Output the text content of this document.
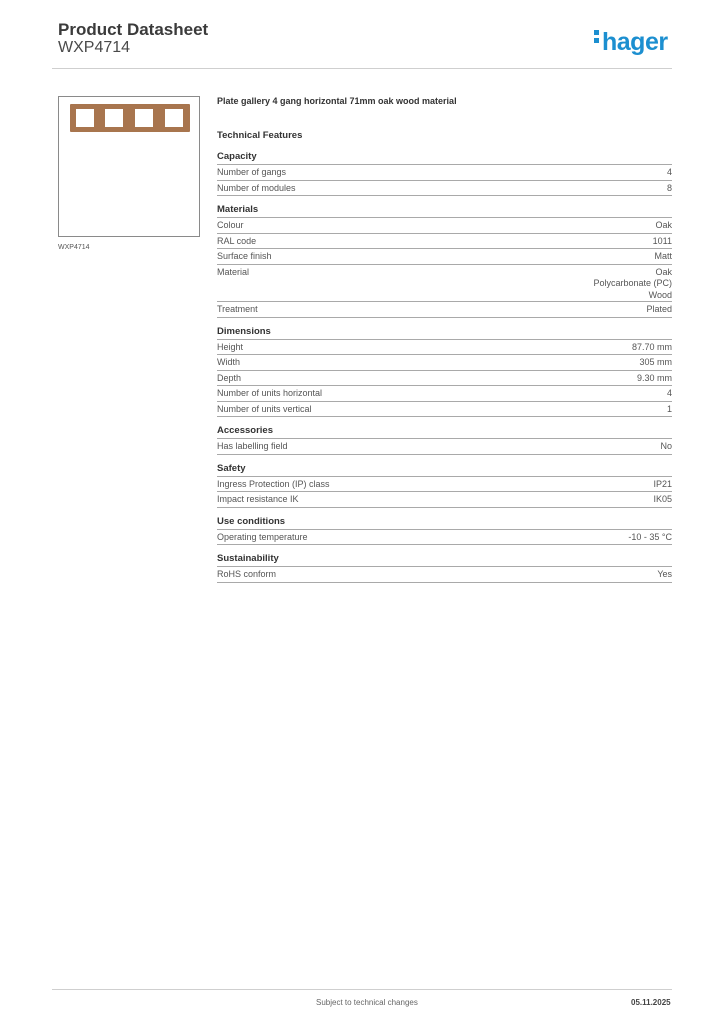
Product Datasheet
WXP4714	hager
WXP4714
Plate gallery 4 gang horizontal 71mm oak wood material
Technical Features
Capacity
Number of gangs	4
Number of modules	8
Materials
Colour	Oak
RAL code	1011
Surface finish	Matt
Material	Oak
Polycarbonate (PC)
Wood
Treatment	Plated
Dimensions
Height	87.70 mm
Width	305 mm
Depth	9.30 mm
Number of units horizontal	4
Number of units vertical	1
Accessories
Has labelling field	No
Safety
Ingress Protection (IP) class	IP21
Impact resistance IK	IK05
Use conditions
Operating temperature	-10 - 35 °C
Sustainability
RoHS conform	Yes
Subject to technical changes	05.11.2025
